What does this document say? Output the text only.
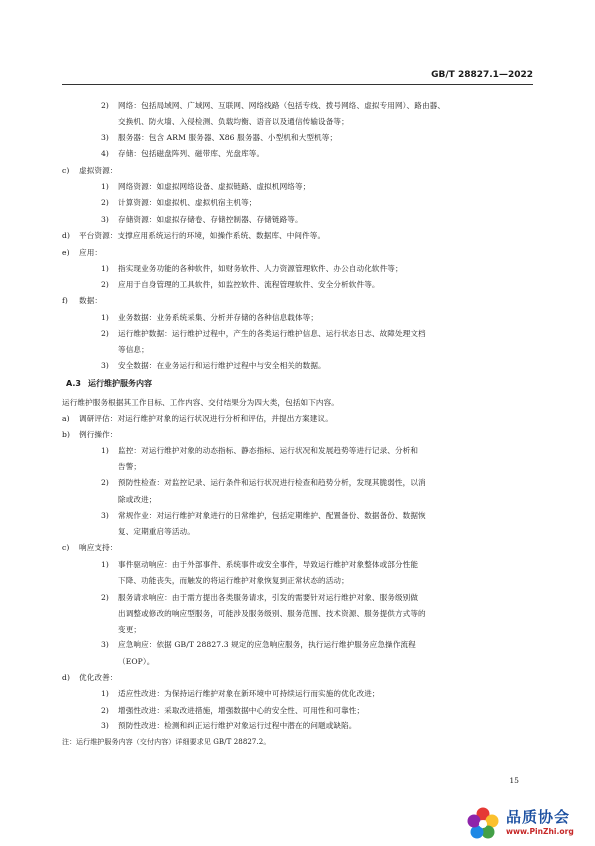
GB/T 28827.1—2022
2) 网络：包括局域网、广域网、互联网、网络线路（包括专线、拨号网络、虚拟专用网）、路由器、
交换机、防火墙、入侵检测、负载均衡、语音以及通信传输设备等；
3) 服务器：包含 ARM 服务器、X86 服务器、小型机和大型机等；
4) 存储：包括磁盘阵列、磁带库、光盘库等。
c) 虚拟资源：
1) 网络资源：如虚拟网络设备、虚拟链路、虚拟机网络等；
2) 计算资源：如虚拟机、虚拟机宿主机等；
3) 存储资源：如虚拟存储卷、存储控制器、存储链路等。
d) 平台资源：支撑应用系统运行的环境，如操作系统、数据库、中间件等。
e) 应用：
1) 指实现业务功能的各种软件，如财务软件、人力资源管理软件、办公自动化软件等；
2) 应用于自身管理的工具软件，如监控软件、流程管理软件、安全分析软件等。
f) 数据：
1) 业务数据：业务系统采集、分析并存储的各种信息载体等；
2) 运行维护数据：运行维护过程中，产生的各类运行维护信息、运行状态日志、故障处理文档
等信息；
3) 安全数据：在业务运行和运行维护过程中与安全相关的数据。
运行维护服务根据其工作目标、工作内容、交付结果分为四大类，包括如下内容。
a) 调研评估：对运行维护对象的运行状况进行分析和评估，并提出方案建议。
b) 例行操作：
1) 监控：对运行维护对象的动态指标、静态指标、运行状况和发展趋势等进行记录、分析和
告警；
2) 预防性检查：对监控记录、运行条件和运行状况进行检查和趋势分析，发现其脆弱性，以消
除或改进；
3) 常规作业：对运行维护对象进行的日常维护，包括定期维护、配置备份、数据备份、数据恢
复、定期重启等活动。
c) 响应支持：
1) 事件驱动响应：由于外部事件、系统事件或安全事件，导致运行维护对象整体或部分性能
下降、功能丧失，而触发的将运行维护对象恢复到正常状态的活动；
2) 服务请求响应：由于需方提出各类服务请求，引发的需要针对运行维护对象、服务级别做
出调整或修改的响应型服务，可能涉及服务级别、服务范围、技术资源、服务提供方式等的
变更；
3) 应急响应：依据 GB/T 28827.3 规定的应急响应服务，执行运行维护服务应急操作流程
（EOP）。
d) 优化改善：
1) 适应性改进：为保持运行维护对象在新环境中可持续运行而实施的优化改进；
2) 增强性改进：采取改进措施，增强数据中心的安全性、可用性和可靠性；
3) 预防性改进：检测和纠正运行维护对象运行过程中潜在的问题或缺陷。
注： 运行维护服务内容（交付内容）详细要求见 GB/T 28827.2。
A.3 运行维护服务内容
15
品质协会
www.PinZhi.org
